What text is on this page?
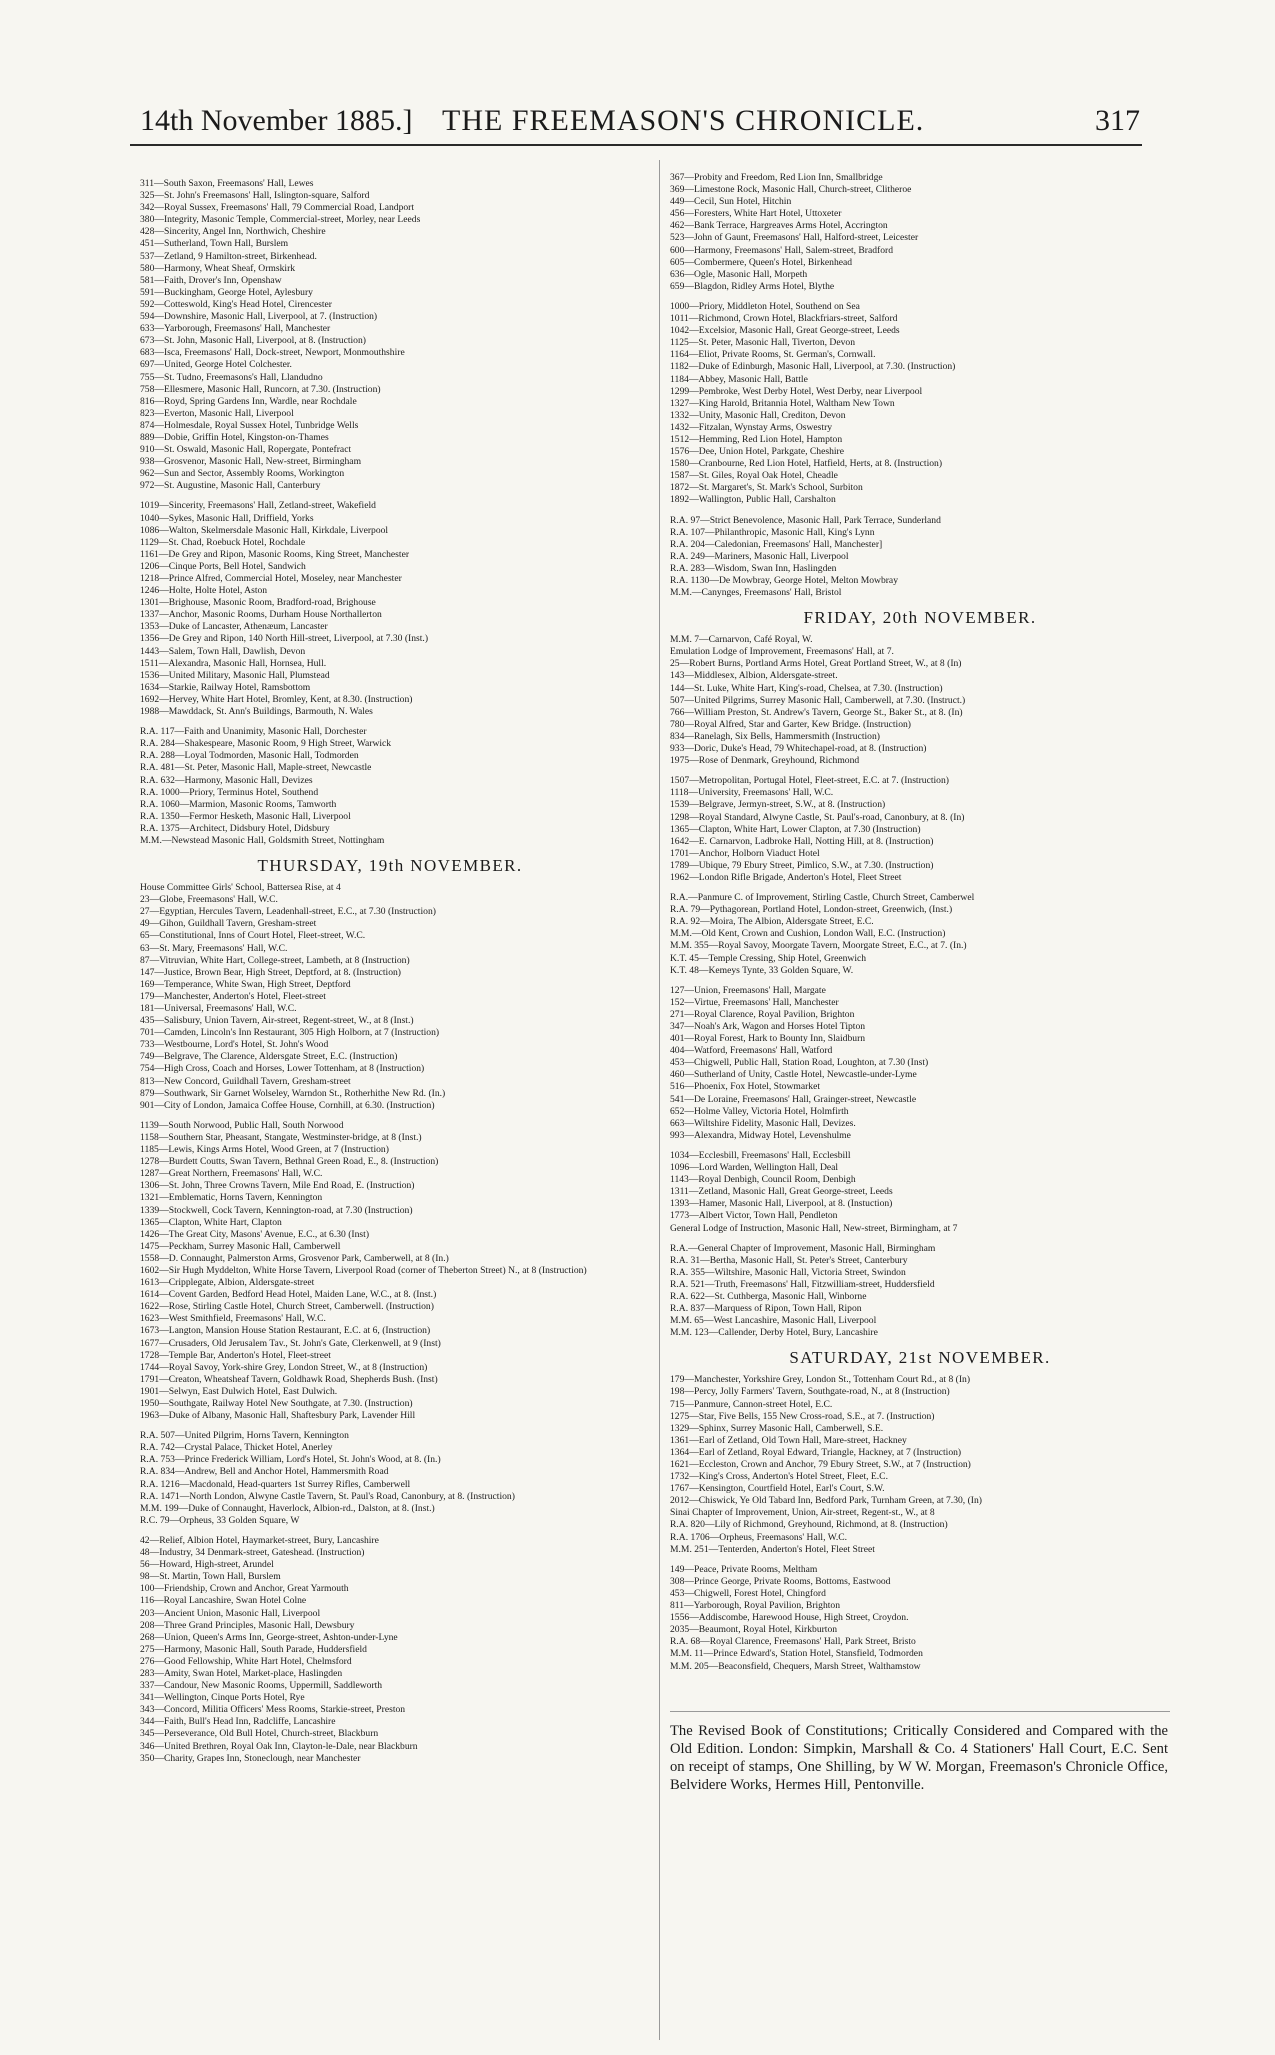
14th November 1885.] THE FREEMASON'S CHRONICLE.	317
311—South Saxon, Freemasons' Hall, Lewes
325—St. John's Freemasons' Hall, Islington-square, Salford
342—Royal Sussex, Freemasons' Hall, 79 Commercial Road, Landport
380—Integrity, Masonic Temple, Commercial-street, Morley, near Leeds
428—Sincerity, Angel Inn, Northwich, Cheshire
451—Sutherland, Town Hall, Burslem
537—Zetland, 9 Hamilton-street, Birkenhead.
580—Harmony, Wheat Sheaf, Ormskirk
581—Faith, Drover's Inn, Openshaw
591—Buckingham, George Hotel, Aylesbury
592—Cotteswold, King's Head Hotel, Cirencester
594—Downshire, Masonic Hall, Liverpool, at 7. (Instruction)
633—Yarborough, Freemasons' Hall, Manchester
673—St. John, Masonic Hall, Liverpool, at 8. (Instruction)
683—Isca, Freemasons' Hall, Dock-street, Newport, Monmouthshire
697—United, George Hotel Colchester.
755—St. Tudno, Freemasons's Hall, Llandudno
758—Ellesmere, Masonic Hall, Runcorn, at 7.30. (Instruction)
816—Royd, Spring Gardens Inn, Wardle, near Rochdale
823—Everton, Masonic Hall, Liverpool
874—Holmesdale, Royal Sussex Hotel, Tunbridge Wells
889—Dobie, Griffin Hotel, Kingston-on-Thames
910—St. Oswald, Masonic Hall, Ropergate, Pontefract
938—Grosvenor, Masonic Hall, New-street, Birmingham
962—Sun and Sector, Assembly Rooms, Workington
972—St. Augustine, Masonic Hall, Canterbury
1019—Sincerity, Freemasons' Hall, Zetland-street, Wakefield
1040—Sykes, Masonic Hall, Driffield, Yorks
1086—Walton, Skelmersdale Masonic Hall, Kirkdale, Liverpool
1129—St. Chad, Roebuck Hotel, Rochdale
1161—De Grey and Ripon, Masonic Rooms, King Street, Manchester
1206—Cinque Ports, Bell Hotel, Sandwich
1218—Prince Alfred, Commercial Hotel, Moseley, near Manchester
1246—Holte, Holte Hotel, Aston
1301—Brighouse, Masonic Room, Bradford-road, Brighouse
1337—Anchor, Masonic Rooms, Durham House Northallerton
1353—Duke of Lancaster, Athenæum, Lancaster
1356—De Grey and Ripon, 140 North Hill-street, Liverpool, at 7.30 (Inst.)
1443—Salem, Town Hall, Dawlish, Devon
1511—Alexandra, Masonic Hall, Hornsea, Hull.
1536—United Military, Masonic Hall, Plumstead
1634—Starkie, Railway Hotel, Ramsbottom
1692—Hervey, White Hart Hotel, Bromley, Kent, at 8.30. (Instruction)
1988—Mawddack, St. Ann's Buildings, Barmouth, N. Wales
R.A. 117—Faith and Unanimity, Masonic Hall, Dorchester
R.A. 284—Shakespeare, Masonic Room, 9 High Street, Warwick
R.A. 288—Loyal Todmorden, Masonic Hall, Todmorden
R.A. 481—St. Peter, Masonic Hall, Maple-street, Newcastle
R.A. 632—Harmony, Masonic Hall, Devizes
R.A. 1000—Priory, Terminus Hotel, Southend
R.A. 1060—Marmion, Masonic Rooms, Tamworth
R.A. 1350—Fermor Hesketh, Masonic Hall, Liverpool
R.A. 1375—Architect, Didsbury Hotel, Didsbury
M.M.—Newstead Masonic Hall, Goldsmith Street, Nottingham
THURSDAY, 19th NOVEMBER.
House Committee Girls' School, Battersea Rise, at 4
23—Globe, Freemasons' Hall, W.C.
27—Egyptian, Hercules Tavern, Leadenhall-street, E.C., at 7.30 (Instruction)
49—Gihon, Guildhall Tavern, Gresham-street
65—Constitutional, Inns of Court Hotel, Fleet-street, W.C.
63—St. Mary, Freemasons' Hall, W.C.
87—Vitruvian, White Hart, College-street, Lambeth, at 8 (Instruction)
147—Justice, Brown Bear, High Street, Deptford, at 8. (Instruction)
169—Temperance, White Swan, High Street, Deptford
179—Manchester, Anderton's Hotel, Fleet-street
181—Universal, Freemasons' Hall, W.C.
435—Salisbury, Union Tavern, Air-street, Regent-street, W., at 8 (Inst.)
701—Camden, Lincoln's Inn Restaurant, 305 High Holborn, at 7 (Instruction)
733—Westbourne, Lord's Hotel, St. John's Wood
749—Belgrave, The Clarence, Aldersgate Street, E.C. (Instruction)
754—High Cross, Coach and Horses, Lower Tottenham, at 8 (Instruction)
813—New Concord, Guildhall Tavern, Gresham-street
879—Southwark, Sir Garnet Wolseley, Warndon St., Rotherhithe New Rd. (In.)
901—City of London, Jamaica Coffee House, Cornhill, at 6.30. (Instruction)
1139—South Norwood, Public Hall, South Norwood
1158—Southern Star, Pheasant, Stangate, Westminster-bridge, at 8 (Inst.)
1185—Lewis, Kings Arms Hotel, Wood Green, at 7 (Instruction)
1278—Burdett Coutts, Swan Tavern, Bethnal Green Road, E., 8. (Instruction)
1287—Great Northern, Freemasons' Hall, W.C.
1306—St. John, Three Crowns Tavern, Mile End Road, E. (Instruction)
1321—Emblematic, Horns Tavern, Kennington
1339—Stockwell, Cock Tavern, Kennington-road, at 7.30 (Instruction)
1365—Clapton, White Hart, Clapton
1426—The Great City, Masons' Avenue, E.C., at 6.30 (Inst)
1475—Peckham, Surrey Masonic Hall, Camberwell
1558—D. Connaught, Palmerston Arms, Grosvenor Park, Camberwell, at 8 (In.)
1602—Sir Hugh Myddelton, White Horse Tavern, Liverpool Road (corner of Theberton Street) N., at 8 (Instruction)
1613—Cripplegate, Albion, Aldersgate-street
1614—Covent Garden, Bedford Head Hotel, Maiden Lane, W.C., at 8. (Inst.)
1622—Rose, Stirling Castle Hotel, Church Street, Camberwell. (Instruction)
1623—West Smithfield, Freemasons' Hall, W.C.
1673—Langton, Mansion House Station Restaurant, E.C. at 6, (Instruction)
1677—Crusaders, Old Jerusalem Tav., St. John's Gate, Clerkenwell, at 9 (Inst)
1728—Temple Bar, Anderton's Hotel, Fleet-street
1744—Royal Savoy, York-shire Grey, London Street, W., at 8 (Instruction)
1791—Creaton, Wheatsheaf Tavern, Goldhawk Road, Shepherds Bush. (Inst)
1901—Selwyn, East Dulwich Hotel, East Dulwich.
1950—Southgate, Railway Hotel New Southgate, at 7.30. (Instruction)
1963—Duke of Albany, Masonic Hall, Shaftesbury Park, Lavender Hill
R.A. 507—United Pilgrim, Horns Tavern, Kennington
R.A. 742—Crystal Palace, Thicket Hotel, Anerley
R.A. 753—Prince Frederick William, Lord's Hotel, St. John's Wood, at 8. (In.)
R.A. 834—Andrew, Bell and Anchor Hotel, Hammersmith Road
R.A. 1216—Macdonald, Head-quarters 1st Surrey Rifles, Camberwell
R.A. 1471—North London, Alwyne Castle Tavern, St. Paul's Road, Canonbury, at 8. (Instruction)
M.M. 199—Duke of Connaught, Haverlock, Albion-rd., Dalston, at 8. (Inst.)
R.C. 79—Orpheus, 33 Golden Square, W
42—Relief, Albion Hotel, Haymarket-street, Bury, Lancashire
48—Industry, 34 Denmark-street, Gateshead. (Instruction)
56—Howard, High-street, Arundel
98—St. Martin, Town Hall, Burslem
100—Friendship, Crown and Anchor, Great Yarmouth
116—Royal Lancashire, Swan Hotel Colne
203—Ancient Union, Masonic Hall, Liverpool
208—Three Grand Principles, Masonic Hall, Dewsbury
268—Union, Queen's Arms Inn, George-street, Ashton-under-Lyne
275—Harmony, Masonic Hall, South Parade, Huddersfield
276—Good Fellowship, White Hart Hotel, Chelmsford
283—Amity, Swan Hotel, Market-place, Haslingden
337—Candour, New Masonic Rooms, Uppermill, Saddleworth
341—Wellington, Cinque Ports Hotel, Rye
343—Concord, Militia Officers' Mess Rooms, Starkie-street, Preston
344—Faith, Bull's Head Inn, Radcliffe, Lancashire
345—Perseverance, Old Bull Hotel, Church-street, Blackburn
346—United Brethren, Royal Oak Inn, Clayton-le-Dale, near Blackburn
350—Charity, Grapes Inn, Stoneclough, near Manchester
367—Probity and Freedom, Red Lion Inn, Smallbridge
369—Limestone Rock, Masonic Hall, Church-street, Clitheroe
449—Cecil, Sun Hotel, Hitchin
456—Foresters, White Hart Hotel, Uttoxeter
462—Bank Terrace, Hargreaves Arms Hotel, Accrington
523—John of Gaunt, Freemasons' Hall, Halford-street, Leicester
600—Harmony, Freemasons' Hall, Salem-street, Bradford
605—Combermere, Queen's Hotel, Birkenhead
636—Ogle, Masonic Hall, Morpeth
659—Blagdon, Ridley Arms Hotel, Blythe
1000—Priory, Middleton Hotel, Southend on Sea
1011—Richmond, Crown Hotel, Blackfriars-street, Salford
1042—Excelsior, Masonic Hall, Great George-street, Leeds
1125—St. Peter, Masonic Hall, Tiverton, Devon
1164—Eliot, Private Rooms, St. German's, Cornwall.
1182—Duke of Edinburgh, Masonic Hall, Liverpool, at 7.30. (Instruction)
1184—Abbey, Masonic Hall, Battle
1299—Pembroke, West Derby Hotel, West Derby, near Liverpool
1327—King Harold, Britannia Hotel, Waltham New Town
1332—Unity, Masonic Hall, Crediton, Devon
1432—Fitzalan, Wynstay Arms, Oswestry
1512—Hemming, Red Lion Hotel, Hampton
1576—Dee, Union Hotel, Parkgate, Cheshire
1580—Cranbourne, Red Lion Hotel, Hatfield, Herts, at 8. (Instruction)
1587—St. Giles, Royal Oak Hotel, Cheadle
1872—St. Margaret's, St. Mark's School, Surbiton
1892—Wallington, Public Hall, Carshalton
R.A. 97—Strict Benevolence, Masonic Hall, Park Terrace, Sunderland
R.A. 107—Philanthropic, Masonic Hall, King's Lynn
R.A. 204—Caledonian, Freemasons' Hall, Manchester]
R.A. 249—Mariners, Masonic Hall, Liverpool
R.A. 283—Wisdom, Swan Inn, Haslingden
R.A. 1130—De Mowbray, George Hotel, Melton Mowbray
M.M.—Canynges, Freemasons' Hall, Bristol
FRIDAY, 20th NOVEMBER.
M.M. 7—Carnarvon, Café Royal, W.
Emulation Lodge of Improvement, Freemasons' Hall, at 7.
25—Robert Burns, Portland Arms Hotel, Great Portland Street, W., at 8 (In)
143—Middlesex, Albion, Aldersgate-street.
144—St. Luke, White Hart, King's-road, Chelsea, at 7.30. (Instruction)
507—United Pilgrims, Surrey Masonic Hall, Camberwell, at 7.30. (Instruct.)
766—William Preston, St. Andrew's Tavern, George St., Baker St., at 8. (In)
780—Royal Alfred, Star and Garter, Kew Bridge. (Instruction)
834—Ranelagh, Six Bells, Hammersmith (Instruction)
933—Doric, Duke's Head, 79 Whitechapel-road, at 8. (Instruction)
1975—Rose of Denmark, Greyhound, Richmond
1507—Metropolitan, Portugal Hotel, Fleet-street, E.C. at 7. (Instruction)
1118—University, Freemasons' Hall, W.C.
1539—Belgrave, Jermyn-street, S.W., at 8. (Instruction)
1298—Royal Standard, Alwyne Castle, St. Paul's-road, Canonbury, at 8. (In)
1365—Clapton, White Hart, Lower Clapton, at 7.30 (Instruction)
1642—E. Carnarvon, Ladbroke Hall, Notting Hill, at 8. (Instruction)
1701—Anchor, Holborn Viaduct Hotel
1789—Ubique, 79 Ebury Street, Pimlico, S.W., at 7.30. (Instruction)
1962—London Rifle Brigade, Anderton's Hotel, Fleet Street
R.A.—Panmure C. of Improvement, Stirling Castle, Church Street, Camberwel
R.A. 79—Pythagorean, Portland Hotel, London-street, Greenwich, (Inst.)
R.A. 92—Moira, The Albion, Aldersgate Street, E.C.
M.M.—Old Kent, Crown and Cushion, London Wall, E.C. (Instruction)
M.M. 355—Royal Savoy, Moorgate Tavern, Moorgate Street, E.C., at 7. (In.)
K.T. 45—Temple Cressing, Ship Hotel, Greenwich
K.T. 48—Kemeys Tynte, 33 Golden Square, W.
127—Union, Freemasons' Hall, Margate
152—Virtue, Freemasons' Hall, Manchester
271—Royal Clarence, Royal Pavilion, Brighton
347—Noah's Ark, Wagon and Horses Hotel Tipton
401—Royal Forest, Hark to Bounty Inn, Slaidburn
404—Watford, Freemasons' Hall, Watford
453—Chigwell, Public Hall, Station Road, Loughton, at 7.30 (Inst)
460—Sutherland of Unity, Castle Hotel, Newcastle-under-Lyme
516—Phoenix, Fox Hotel, Stowmarket
541—De Loraine, Freemasons' Hall, Grainger-street, Newcastle
652—Holme Valley, Victoria Hotel, Holmfirth
663—Wiltshire Fidelity, Masonic Hall, Devizes.
993—Alexandra, Midway Hotel, Levenshulme
1034—Ecclesbill, Freemasons' Hall, Ecclesbill
1096—Lord Warden, Wellington Hall, Deal
1143—Royal Denbigh, Council Room, Denbigh
1311—Zetland, Masonic Hall, Great George-street, Leeds
1393—Hamer, Masonic Hall, Liverpool, at 8. (Instuction)
1773—Albert Victor, Town Hall, Pendleton
General Lodge of Instruction, Masonic Hall, New-street, Birmingham, at 7
R.A.—General Chapter of Improvement, Masonic Hall, Birmingham
R.A. 31—Bertha, Masonic Hall, St. Peter's Street, Canterbury
R.A. 355—Wiltshire, Masonic Hall, Victoria Street, Swindon
R.A. 521—Truth, Freemasons' Hall, Fitzwilliam-street, Huddersfield
R.A. 622—St. Cuthberga, Masonic Hall, Winborne
R.A. 837—Marquess of Ripon, Town Hall, Ripon
M.M. 65—West Lancashire, Masonic Hall, Liverpool
M.M. 123—Callender, Derby Hotel, Bury, Lancashire
SATURDAY, 21st NOVEMBER.
179—Manchester, Yorkshire Grey, London St., Tottenham Court Rd., at 8 (In)
198—Percy, Jolly Farmers' Tavern, Southgate-road, N., at 8 (Instruction)
715—Panmure, Cannon-street Hotel, E.C.
1275—Star, Five Bells, 155 New Cross-road, S.E., at 7. (Instruction)
1329—Sphinx, Surrey Masonic Hall, Camberwell, S.E.
1361—Earl of Zetland, Old Town Hall, Mare-street, Hackney
1364—Earl of Zetland, Royal Edward, Triangle, Hackney, at 7 (Instruction)
1621—Eccleston, Crown and Anchor, 79 Ebury Street, S.W., at 7 (Instruction)
1732—King's Cross, Anderton's Hotel Street, Fleet, E.C.
1767—Kensington, Courtfield Hotel, Earl's Court, S.W.
2012—Chiswick, Ye Old Tabard Inn, Bedford Park, Turnham Green, at 7.30, (In)
Sinai Chapter of Improvement, Union, Air-street, Regent-st., W., at 8
R.A. 820—Lily of Richmond, Greyhound, Richmond, at 8. (Instruction)
R.A. 1706—Orpheus, Freemasons' Hall, W.C.
M.M. 251—Tenterden, Anderton's Hotel, Fleet Street
149—Peace, Private Rooms, Meltham
308—Prince George, Private Rooms, Bottoms, Eastwood
453—Chigwell, Forest Hotel, Chingford
811—Yarborough, Royal Pavilion, Brighton
1556—Addiscombe, Harewood House, High Street, Croydon.
2035—Beaumont, Royal Hotel, Kirkburton
R.A. 68—Royal Clarence, Freemasons' Hall, Park Street, Bristo
M.M. 11—Prince Edward's, Station Hotel, Stansfield, Todmorden
M.M. 205—Beaconsfield, Chequers, Marsh Street, Walthamstow
The Revised Book of Constitutions; Critically Considered and Compared with the Old Edition. London: Simpkin, Marshall & Co. 4 Stationers' Hall Court, E.C. Sent on receipt of stamps, One Shilling, by W W. Morgan, Freemason's Chronicle Office, Belvidere Works, Hermes Hill, Pentonville.
